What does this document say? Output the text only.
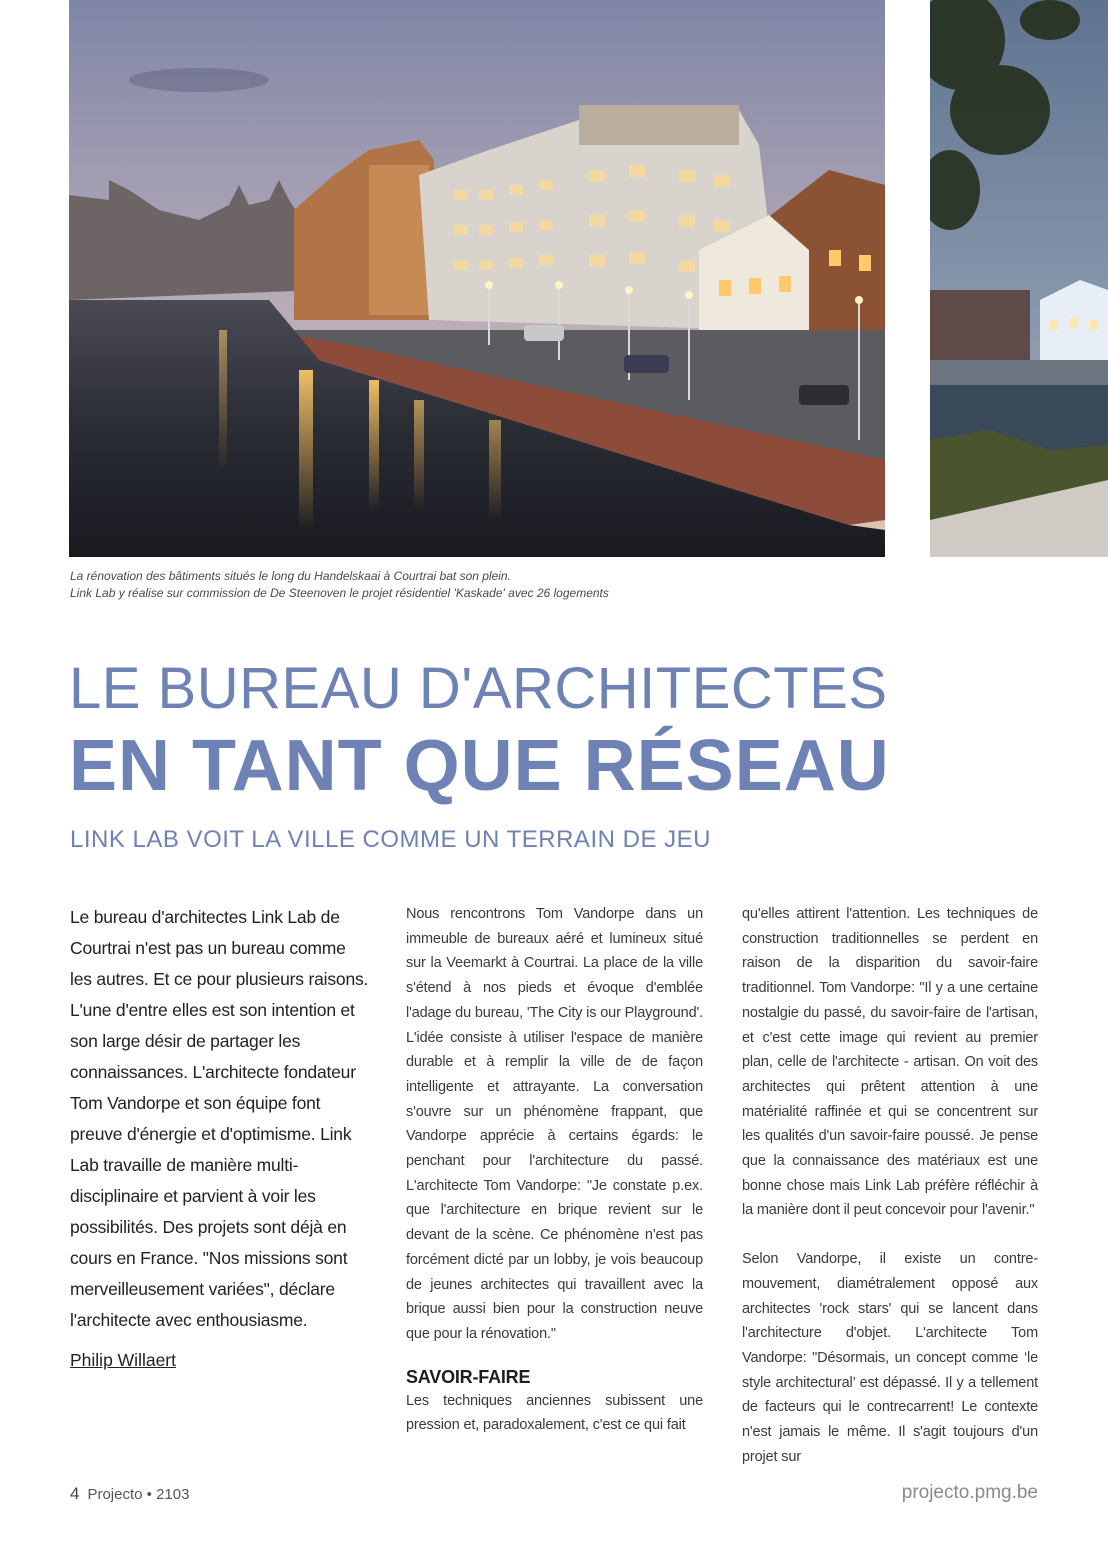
La rénovation des bâtiments situés le long du Handelskaai à Courtrai bat son plein.
Link Lab y réalise sur commission de De Steenoven le projet résidentiel 'Kaskade' avec 26 logements
LE BUREAU D'ARCHITECTES
EN TANT QUE RÉSEAU
LINK LAB VOIT LA VILLE COMME UN TERRAIN DE JEU

Le bureau d'architectes Link Lab de Courtrai n'est pas un bureau comme les autres. Et ce pour plusieurs raisons. L'une d'entre elles est son intention et son large désir de partager les connaissances. L'architecte fondateur Tom Vandorpe et son équipe font preuve d'énergie et d'optimisme. Link Lab travaille de manière multi-disciplinaire et parvient à voir les possibilités. Des projets sont déjà en cours en France. "Nos missions sont merveilleusement variées", déclare l'architecte avec enthousiasme.

Philip Willaert

Nous rencontrons Tom Vandorpe dans un immeuble de bureaux aéré et lumineux situé sur la Veemarkt à Courtrai. La place de la ville s'étend à nos pieds et évoque d'emblée l'adage du bureau, 'The City is our Playground'. L'idée consiste à utiliser l'espace de manière durable et à remplir la ville de de façon intelligente et attrayante. La conversation s'ouvre sur un phénomène frappant, que Vandorpe apprécie à certains égards: le penchant pour l'architecture du passé. L'architecte Tom Vandorpe: "Je constate p.ex. que l'architecture en brique revient sur le devant de la scène. Ce phénomène n'est pas forcément dicté par un lobby, je vois beaucoup de jeunes architectes qui travaillent avec la brique aussi bien pour la construction neuve que pour la rénovation."

SAVOIR-FAIRE

Les techniques anciennes subissent une pression et, paradoxalement, c'est ce qui fait

qu'elles attirent l'attention. Les techniques de construction traditionnelles se perdent en raison de la disparition du savoir-faire traditionnel. Tom Vandorpe: "Il y a une certaine nostalgie du passé, du savoir-faire de l'artisan, et c'est cette image qui revient au premier plan, celle de l'architecte - artisan. On voit des architectes qui prêtent attention à une matérialité raffinée et qui se concentrent sur les qualités d'un savoir-faire poussé. Je pense que la connaissance des matériaux est une bonne chose mais Link Lab préfère réfléchir à la manière dont il peut concevoir pour l'avenir."

Selon Vandorpe, il existe un contre-mouvement, diamétralement opposé aux architectes 'rock stars' qui se lancent dans l'architecture d'objet. L'architecte Tom Vandorpe: "Désormais, un concept comme ‘le style architectural’ est dépassé. Il y a tellement de facteurs qui le contrecarrent! Le contexte n'est jamais le même. Il s'agit toujours d'un projet sur

4 Projecto • 2103	projecto.pmg.be
